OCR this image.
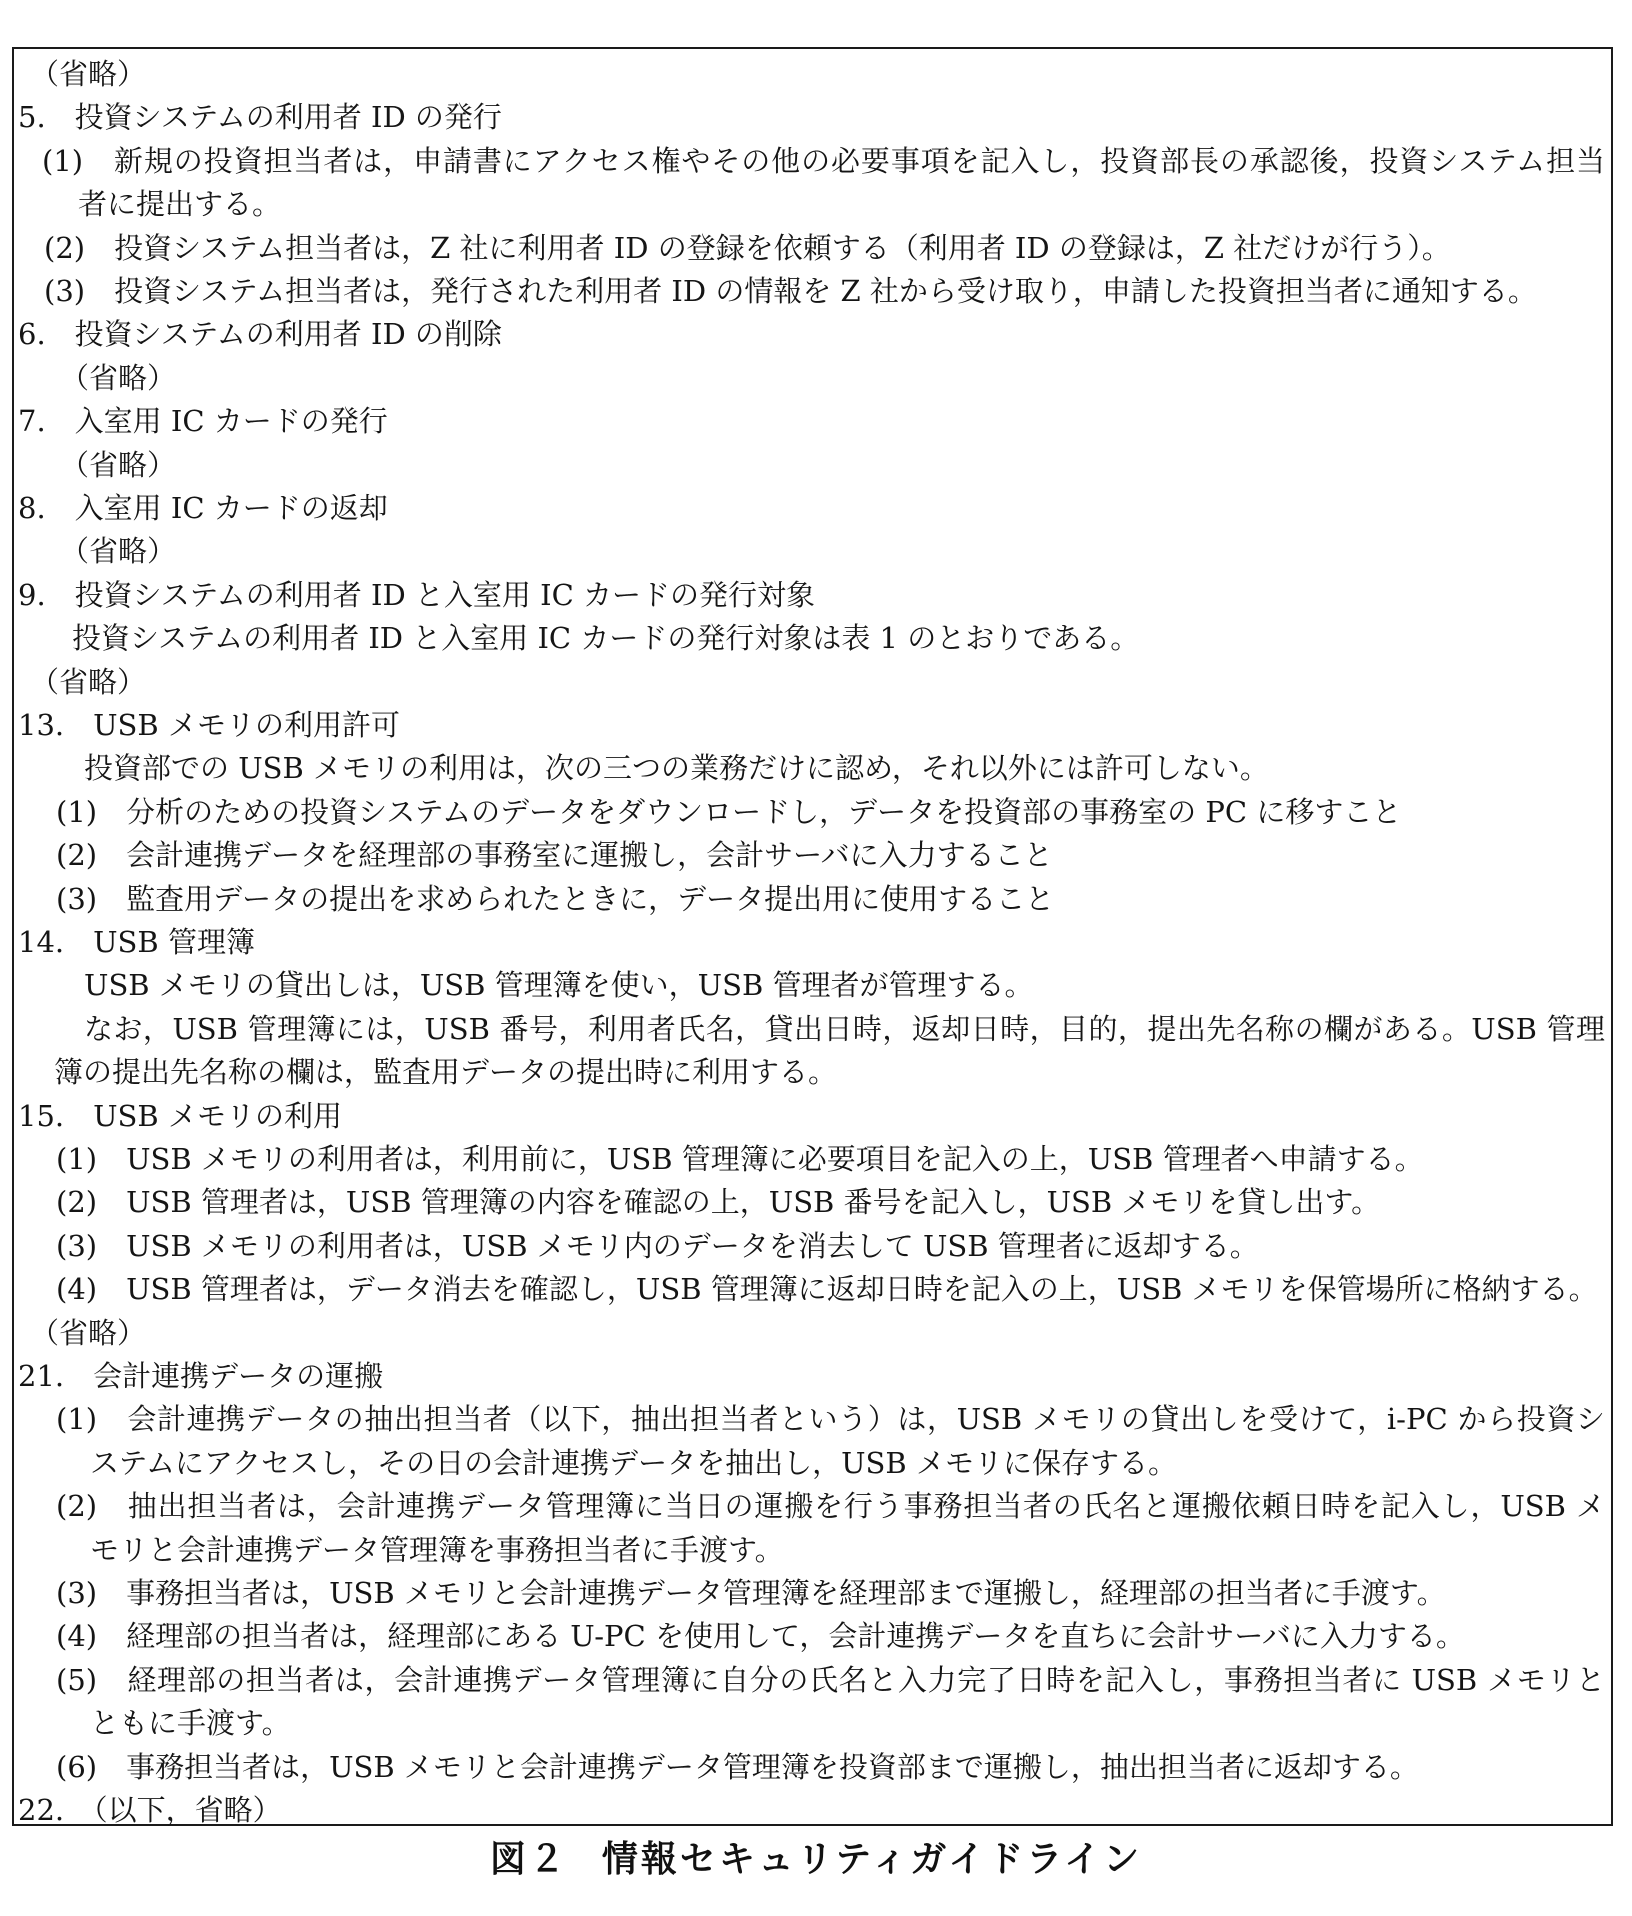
（省略）
5.　投資システムの利用者 ID の発行
(1)　新規の投資担当者は，申請書にアクセス権やその他の必要事項を記入し，投資部長の承認後，投資システム担当
者に提出する。
(2)　投資システム担当者は，Z 社に利用者 ID の登録を依頼する（利用者 ID の登録は，Z 社だけが行う）。
(3)　投資システム担当者は，発行された利用者 ID の情報を Z 社から受け取り，申請した投資担当者に通知する。
6.　投資システムの利用者 ID の削除
（省略）
7.　入室用 IC カードの発行
（省略）
8.　入室用 IC カードの返却
（省略）
9.　投資システムの利用者 ID と入室用 IC カードの発行対象
投資システムの利用者 ID と入室用 IC カードの発行対象は表 1 のとおりである。
（省略）
13.　USB メモリの利用許可
投資部での USB メモリの利用は，次の三つの業務だけに認め，それ以外には許可しない。
(1)　分析のための投資システムのデータをダウンロードし，データを投資部の事務室の PC に移すこと
(2)　会計連携データを経理部の事務室に運搬し，会計サーバに入力すること
(3)　監査用データの提出を求められたときに，データ提出用に使用すること
14.　USB 管理簿
USB メモリの貸出しは，USB 管理簿を使い，USB 管理者が管理する。
なお，USB 管理簿には，USB 番号，利用者氏名，貸出日時，返却日時，目的，提出先名称の欄がある。USB 管理
簿の提出先名称の欄は，監査用データの提出時に利用する。
15.　USB メモリの利用
(1)　USB メモリの利用者は，利用前に，USB 管理簿に必要項目を記入の上，USB 管理者へ申請する。
(2)　USB 管理者は，USB 管理簿の内容を確認の上，USB 番号を記入し，USB メモリを貸し出す。
(3)　USB メモリの利用者は，USB メモリ内のデータを消去して USB 管理者に返却する。
(4)　USB 管理者は，データ消去を確認し，USB 管理簿に返却日時を記入の上，USB メモリを保管場所に格納する。
（省略）
21.　会計連携データの運搬
(1)　会計連携データの抽出担当者（以下，抽出担当者という）は，USB メモリの貸出しを受けて，i-PC から投資シ
ステムにアクセスし，その日の会計連携データを抽出し，USB メモリに保存する。
(2)　抽出担当者は，会計連携データ管理簿に当日の運搬を行う事務担当者の氏名と運搬依頼日時を記入し，USB メ
モリと会計連携データ管理簿を事務担当者に手渡す。
(3)　事務担当者は，USB メモリと会計連携データ管理簿を経理部まで運搬し，経理部の担当者に手渡す。
(4)　経理部の担当者は，経理部にある U-PC を使用して，会計連携データを直ちに会計サーバに入力する。
(5)　経理部の担当者は，会計連携データ管理簿に自分の氏名と入力完了日時を記入し，事務担当者に USB メモリと
ともに手渡す。
(6)　事務担当者は，USB メモリと会計連携データ管理簿を投資部まで運搬し，抽出担当者に返却する。
22.　（以下，省略）
図２ 情報セキュリティガイドライン
